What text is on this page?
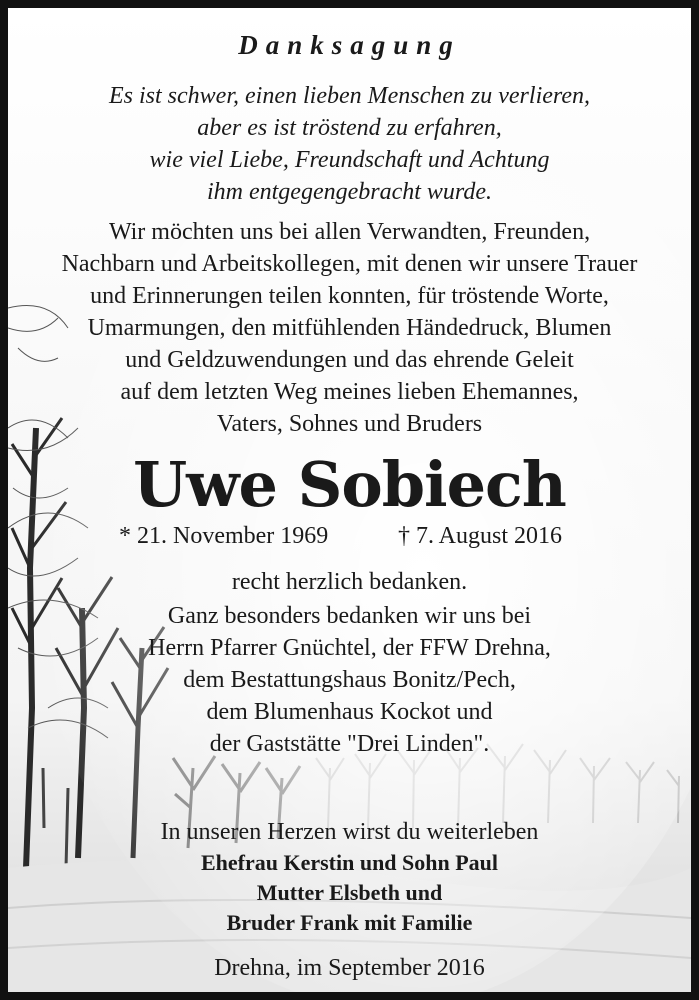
Danksagung
Es ist schwer, einen lieben Menschen zu verlieren,
aber es ist tröstend zu erfahren,
wie viel Liebe, Freundschaft und Achtung
ihm entgegengebracht wurde.
Wir möchten uns bei allen Verwandten, Freunden,
Nachbarn und Arbeitskollegen, mit denen wir unsere Trauer
und Erinnerungen teilen konnten, für tröstende Worte,
Umarmungen, den mitfühlenden Händedruck, Blumen
und Geldzuwendungen und das ehrende Geleit
auf dem letzten Weg meines lieben Ehemannes,
Vaters, Sohnes und Bruders
Uwe Sobiech
* 21. November 1969	† 7. August 2016
recht herzlich bedanken.
Ganz besonders bedanken wir uns bei
Herrn Pfarrer Gnüchtel, der FFW Drehna,
dem Bestattungshaus Bonitz/Pech,
dem Blumenhaus Kockot und
der Gaststätte "Drei Linden".
In unseren Herzen wirst du weiterleben
Ehefrau Kerstin und Sohn Paul
Mutter Elsbeth und
Bruder Frank mit Familie
Drehna, im September 2016
